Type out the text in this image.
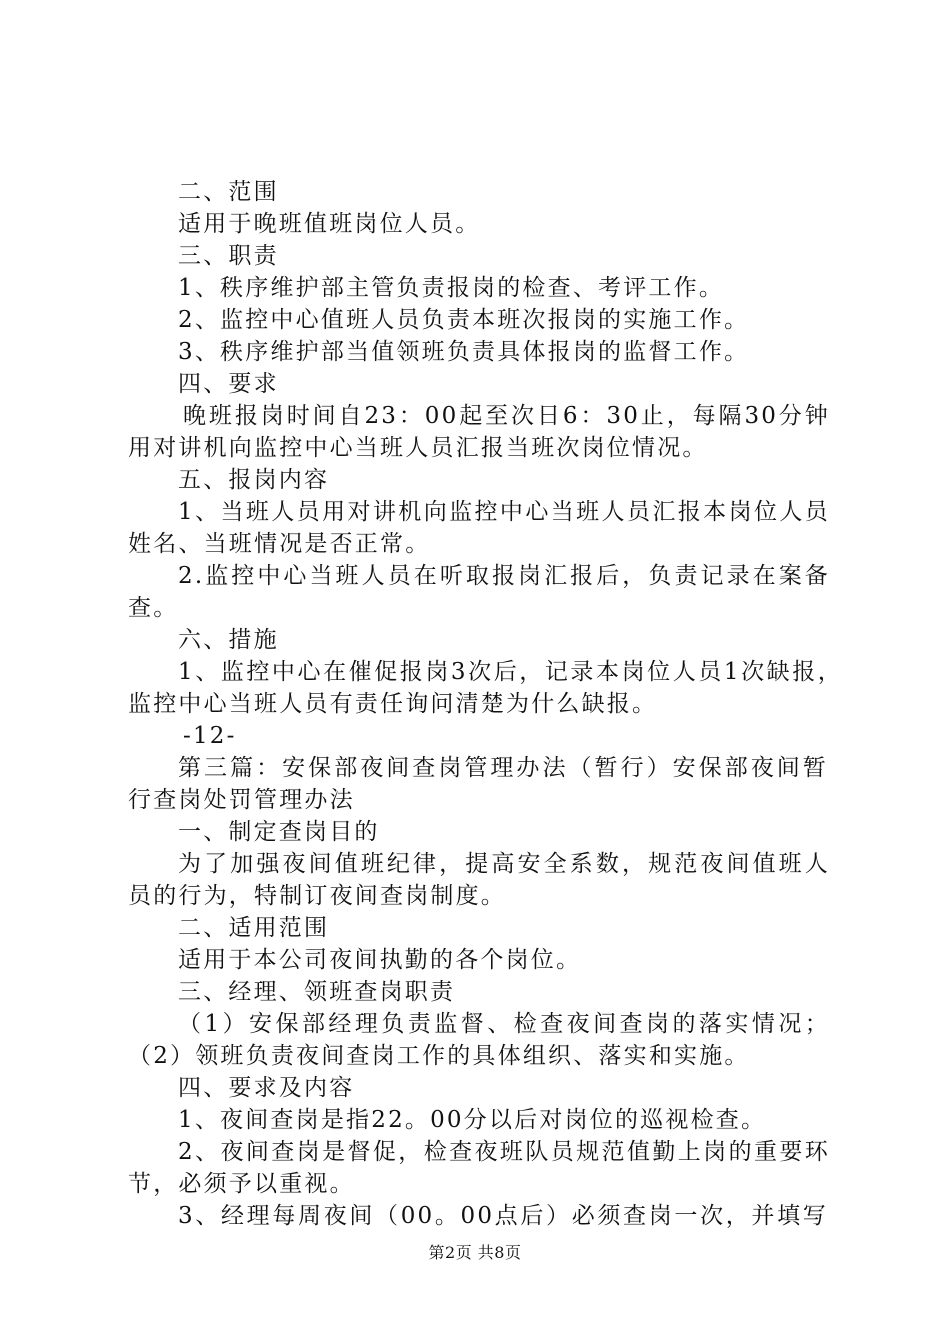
二、范围
适用于晚班值班岗位人员。
三、职责
1、秩序维护部主管负责报岗的检查、考评工作。
2、监控中心值班人员负责本班次报岗的实施工作。
3、秩序维护部当值领班负责具体报岗的监督工作。
四、要求
晚班报岗时间自23：00起至次日6：30止，每隔30分钟
用对讲机向监控中心当班人员汇报当班次岗位情况。
五、报岗内容
1、当班人员用对讲机向监控中心当班人员汇报本岗位人员
姓名、当班情况是否正常。
2.监控中心当班人员在听取报岗汇报后，负责记录在案备
查。
六、措施
1、监控中心在催促报岗3次后，记录本岗位人员1次缺报，
监控中心当班人员有责任询问清楚为什么缺报。
-12-
第三篇：安保部夜间查岗管理办法（暂行）安保部夜间暂
行查岗处罚管理办法
一、制定查岗目的
为了加强夜间值班纪律，提高安全系数，规范夜间值班人
员的行为，特制订夜间查岗制度。
二、适用范围
适用于本公司夜间执勤的各个岗位。
三、经理、领班查岗职责
（1）安保部经理负责监督、检查夜间查岗的落实情况；
（2）领班负责夜间查岗工作的具体组织、落实和实施。
四、要求及内容
1、夜间查岗是指22。00分以后对岗位的巡视检查。
2、夜间查岗是督促，检查夜班队员规范值勤上岗的重要环
节，必须予以重视。
3、经理每周夜间（00。00点后）必须查岗一次，并填写
第2页 共8页
